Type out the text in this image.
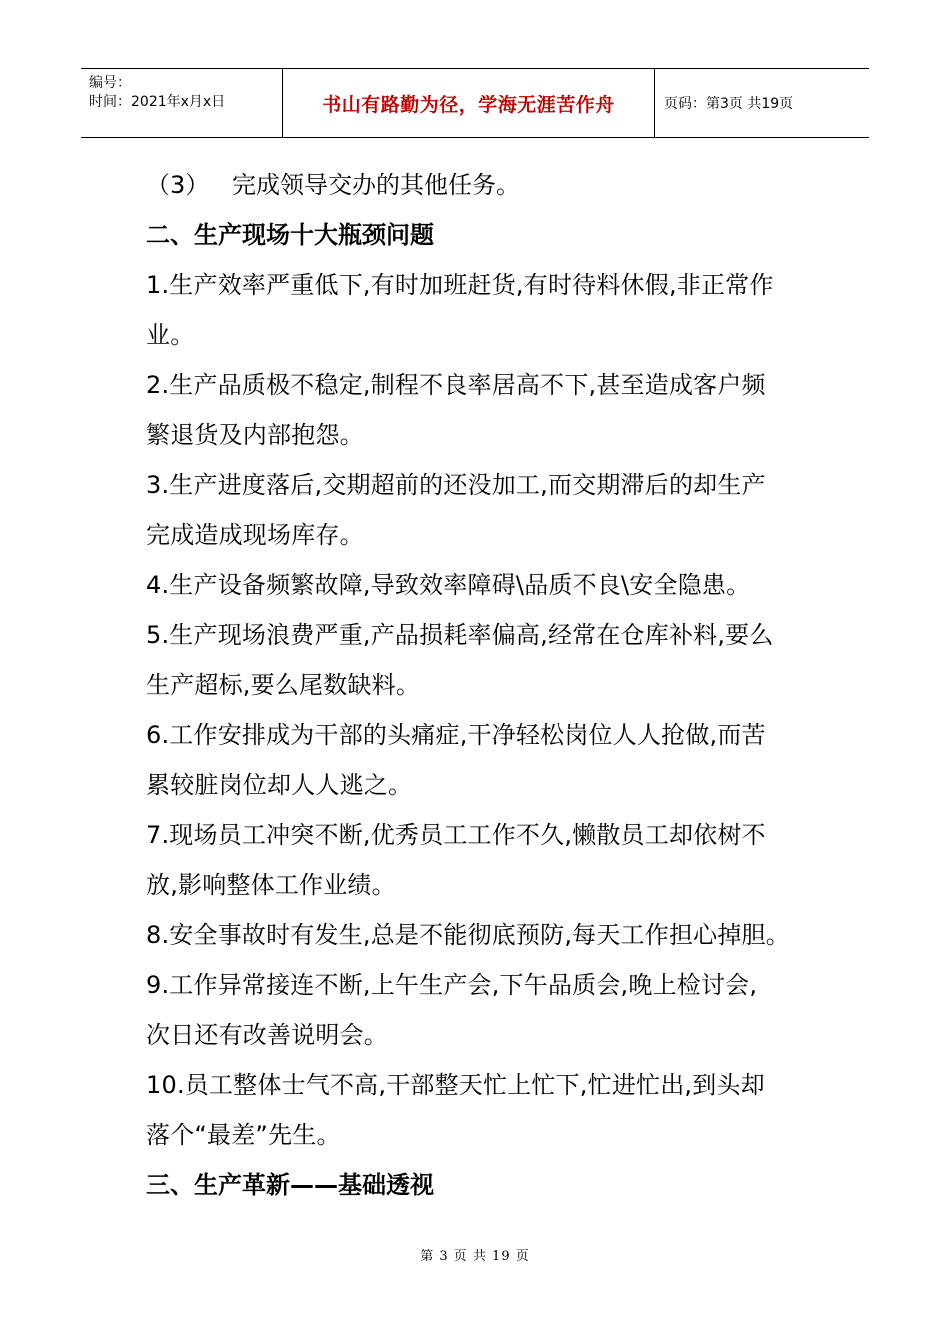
编号：
时间：2021年x月x日	书山有路勤为径，学海无涯苦作舟	页码：第3页 共19页
（3） 完成领导交办的其他任务。
二、生产现场十大瓶颈问题
1.生产效率严重低下,有时加班赶货,有时待料休假,非正常作
业。
2.生产品质极不稳定,制程不良率居高不下,甚至造成客户频
繁退货及内部抱怨。
3.生产进度落后,交期超前的还没加工,而交期滞后的却生产
完成造成现场库存。
4.生产设备频繁故障,导致效率障碍\品质不良\安全隐患。
5.生产现场浪费严重,产品损耗率偏高,经常在仓库补料,要么
生产超标,要么尾数缺料。
6.工作安排成为干部的头痛症,干净轻松岗位人人抢做,而苦
累较脏岗位却人人逃之。
7.现场员工冲突不断,优秀员工工作不久,懒散员工却依树不
放,影响整体工作业绩。
8.安全事故时有发生,总是不能彻底预防,每天工作担心掉胆。
9.工作异常接连不断,上午生产会,下午品质会,晚上检讨会,
次日还有改善说明会。
10.员工整体士气不高,干部整天忙上忙下,忙进忙出,到头却
落个“最差”先生。
三、生产革新——基础透视
第 3 页 共 19 页
